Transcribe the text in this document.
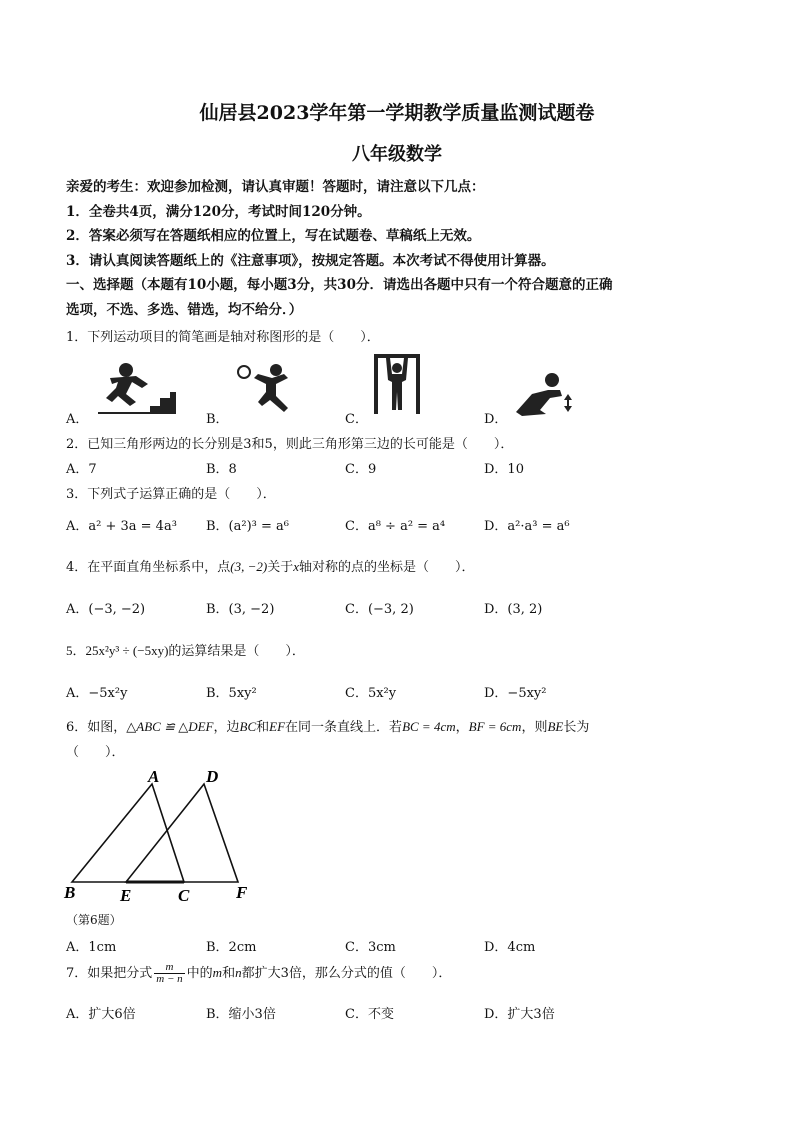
仙居县2023学年第一学期教学质量监测试题卷
八年级数学
亲爱的考生：欢迎参加检测，请认真审题！答题时，请注意以下几点：
1．全卷共4页，满分120分，考试时间120分钟。
2．答案必须写在答题纸相应的位置上，写在试题卷、草稿纸上无效。
3．请认真阅读答题纸上的《注意事项》，按规定答题。本次考试不得使用计算器。
一、选择题（本题有10小题，每小题3分，共30分．请选出各题中只有一个符合题意的正确
选项，不选、多选、错选，均不给分．）
1．下列运动项目的简笔画是轴对称图形的是（　　）．
A．	B．	C．	D．
2．已知三角形两边的长分别是3和5，则此三角形第三边的长可能是（　　）．
A．7	B．8	C．9	D．10
3．下列式子运算正确的是（　　）．
A．a² + 3a = 4a³ B．(a²)³ = a⁶	C．a⁸ ÷ a² = a⁴	D．a²·a³ = a⁶
4．在平面直角坐标系中，点(3, −2)关于x轴对称的点的坐标是（　　）．
A．(−3, −2)	B．(3, −2)	C．(−3, 2)	D．(3, 2)
5．25x²y³ ÷ (−5xy)的运算结果是（　　）．
A．−5x²y	B．5xy²	C．5x²y	D．−5xy²
6．如图，△ABC ≌ △DEF，边BC和EF在同一条直线上．若BC = 4cm，BF = 6cm，则BE长为
（　　）．
A	D
B	E	C	F
（第6题）
A．1cm	B．2cm	C．3cm	D．4cm
7．如果把分式 $\frac{m}{m - n}$ 中的m和n都扩大3倍，那么分式的值（　　）．
A．扩大6倍	B．缩小3倍	C．不变	D．扩大3倍
